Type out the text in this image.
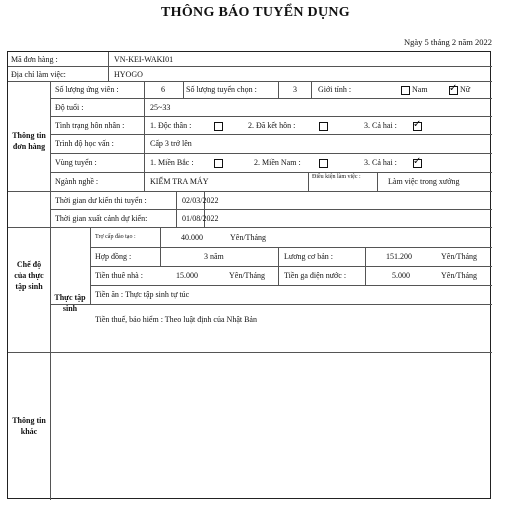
THÔNG BÁO TUYỂN DỤNG
Ngày 5 tháng 2 năm 2022
Mã đơn hàng :	VN-KEI-WAKI01
Địa chỉ làm việc:	HYOGO
Thông tin đơn hàng
Số lượng ứng viên :	6	Số lượng tuyển chọn :	3	Giới tính :	Nam ✓ Nữ
Độ tuổi :	25~33
Tình trạng hôn nhân :	1. Độc thân :	2. Đã kết hôn :	3. Cả hai : ✓
Trình độ học vấn :	Cấp 3 trở lên
Vùng tuyển :	1. Miền Bắc :	2. Miền Nam :	3. Cả hai : ✓
Ngành nghề :	KIỂM TRA MÁY	Điều kiện làm việc :	Làm việc trong xưởng
Thời gian dư kiến thi tuyển :	02/03/2022
Thời gian xuất cảnh dự kiến:	01/08/2022
Chế độ của thực tập sinh
Thực tập sinh
Trợ cấp đào tạo :	40.000	Yên/Tháng
Hợp đồng :	3 năm	Lương cơ bản :	151.200	Yên/Tháng
Tiền thuê nhà :	15.000	Yên/Tháng Tiền ga điện nước :	5.000	Yên/Tháng
Tiền ăn : Thực tập sinh tự túc
Tiền thuế, bảo hiểm : Theo luật định của Nhật Bản
Thông tin khác
